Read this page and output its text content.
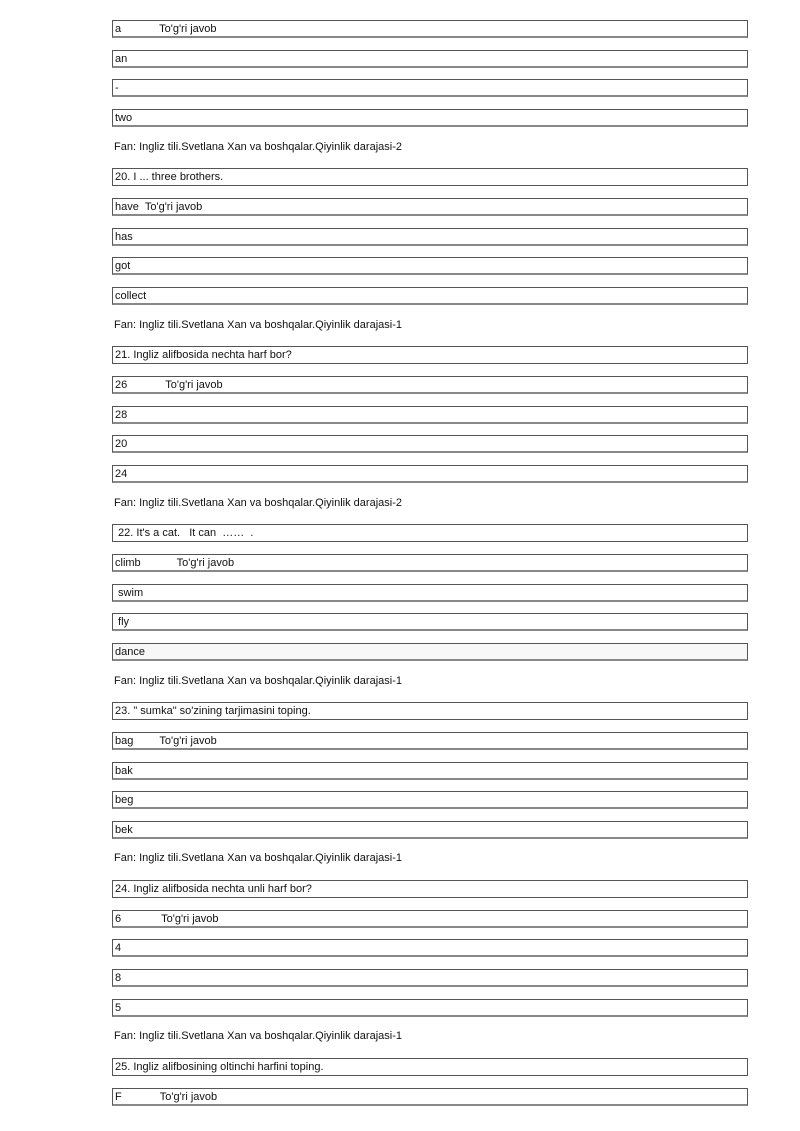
a	To'g'ri javob
an
-
two
Fan: Ingliz tili.Svetlana Xan va boshqalar.Qiyinlik darajasi-2
20. I ... three brothers.
have To'g'ri javob
has
got
collect
Fan: Ingliz tili.Svetlana Xan va boshqalar.Qiyinlik darajasi-1
21. Ingliz alifbosida nechta harf bor?
26	To'g'ri javob
28
20
24
Fan: Ingliz tili.Svetlana Xan va boshqalar.Qiyinlik darajasi-2
22. It's a cat.   It can  ……  .
climb	To'g'ri javob
swim
fly
dance
Fan: Ingliz tili.Svetlana Xan va boshqalar.Qiyinlik darajasi-1
23. " sumka" so'zining tarjimasini toping.
bag To'g'ri javob
bak
beg
bek
Fan: Ingliz tili.Svetlana Xan va boshqalar.Qiyinlik darajasi-1
24. Ingliz alifbosida nechta unli harf bor?
6	To'g'ri javob
4
8
5
Fan: Ingliz tili.Svetlana Xan va boshqalar.Qiyinlik darajasi-1
25. Ingliz alifbosining oltinchi harfini toping.
F	To'g'ri javob
